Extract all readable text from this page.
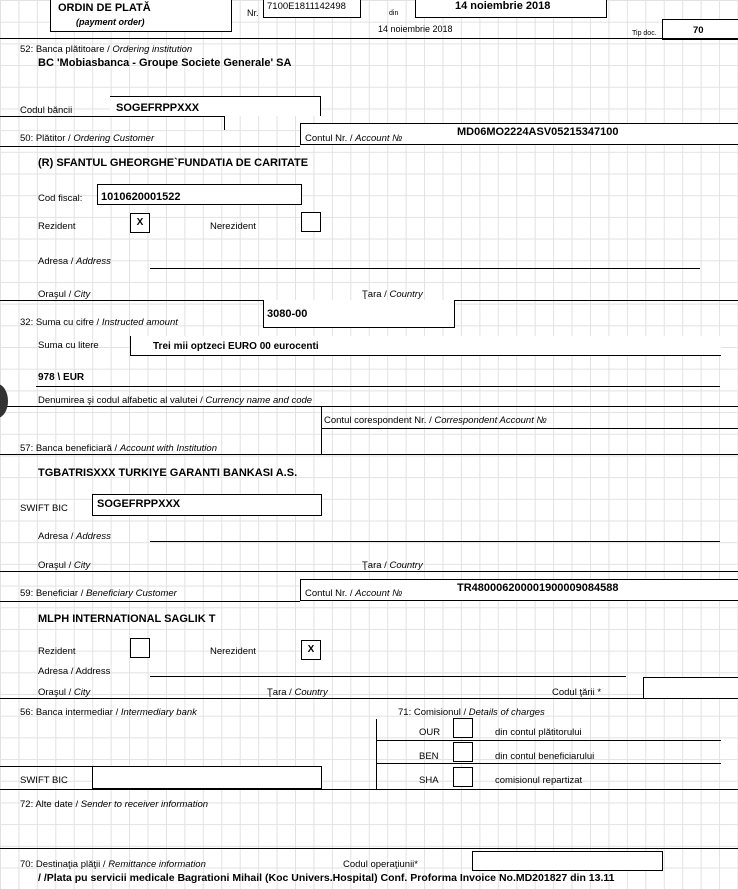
ORDIN DE PLATĂ
(payment order)
Nr.
7100E1811142498
din
14 noiembrie 2018
14 noiembrie 2018	Tip doc.	70
52: Banca plătitoare / Ordering institution
BC 'Mobiasbanca - Groupe Societe Generale' SA
Codul băncii	SOGEFRPPXXX
50: Plătitor / Ordering Customer	Contul Nr. / Account №
MD06MO2224ASV05215347100
(R) SFANTUL GHEORGHE`FUNDATIA DE CARITATE
Cod fiscal: 1010620001522
Rezident	X	Nerezident
Adresa / Address
Oraşul / City	Ţara / Country
32: Suma cu cifre / Instructed amount
3080-00
Suma cu litere	Trei mii optzeci EURO 00 eurocenti
978 \ EUR
Denumirea şi codul alfabetic al valutei / Currency name and code
Contul corespondent Nr. / Correspondent Account №
57: Banca beneficiară / Account with Institution
TGBATRISXXX TURKIYE GARANTI BANKASI A.S.
SWIFT BIC	SOGEFRPPXXX
Adresa / Address
Oraşul / City	Ţara / Country
59: Beneficiar / Beneficiary Customer	Contul Nr. / Account №	TR480006200001900009084588
MLPH INTERNATIONAL SAGLIK T
Rezident	Nerezident	X
Adresa / Address
Oraşul / City	Ţara / Country	Codul ţării *
56: Banca intermediar / Intermediary bank	71: Comisionul / Details of charges
OUR	din contul plătitorului
BEN	din contul beneficiarului
SWIFT BIC	SHA	comisionul repartizat
72: Alte date / Sender to receiver information
70: Destinaţia plăţii / Remittance information	Codul operaţiunii*
/ /Plata pu servicii medicale Bagrationi Mihail (Koc Univers.Hospital) Conf. Proforma Invoice No.MD201827 din 13.11
